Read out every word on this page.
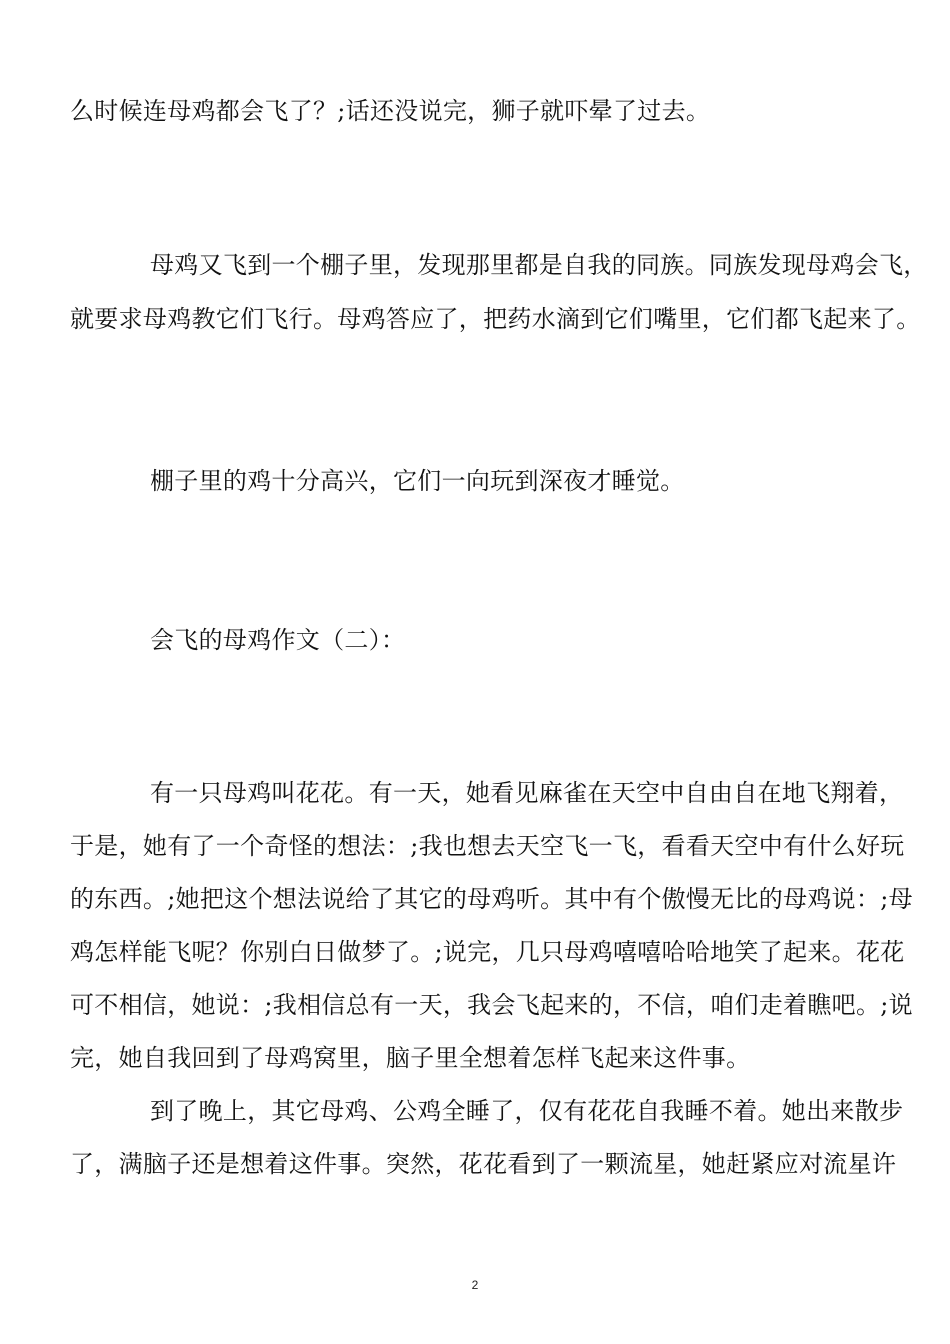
么时候连母鸡都会飞了？;话还没说完，狮子就吓晕了过去。
母鸡又飞到一个棚子里，发现那里都是自我的同族。同族发现母鸡会飞，
就要求母鸡教它们飞行。母鸡答应了，把药水滴到它们嘴里，它们都飞起来了。
棚子里的鸡十分高兴，它们一向玩到深夜才睡觉。
会飞的母鸡作文（二）：
有一只母鸡叫花花。有一天，她看见麻雀在天空中自由自在地飞翔着，
于是，她有了一个奇怪的想法：;我也想去天空飞一飞，看看天空中有什么好玩
的东西。;她把这个想法说给了其它的母鸡听。其中有个傲慢无比的母鸡说：;母
鸡怎样能飞呢？你别白日做梦了。;说完，几只母鸡嘻嘻哈哈地笑了起来。花花
可不相信，她说：;我相信总有一天，我会飞起来的，不信，咱们走着瞧吧。;说
完，她自我回到了母鸡窝里，脑子里全想着怎样飞起来这件事。
到了晚上，其它母鸡、公鸡全睡了，仅有花花自我睡不着。她出来散步
了，满脑子还是想着这件事。突然，花花看到了一颗流星，她赶紧应对流星许
2
